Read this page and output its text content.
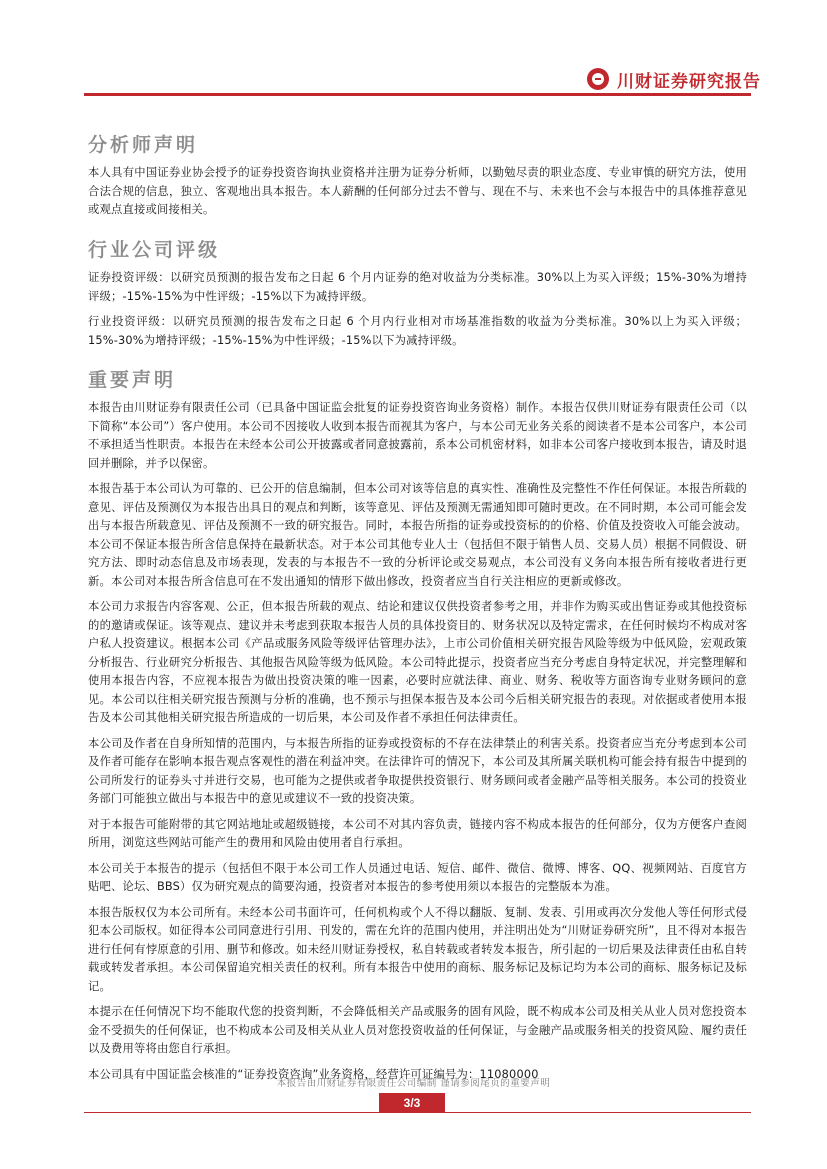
川财证券研究报告
分析师声明

本人具有中国证券业协会授予的证券投资咨询执业资格并注册为证券分析师，以勤勉尽责的职业态度、专业审慎的研究方法，使用合法合规的信息，独立、客观地出具本报告。本人薪酬的任何部分过去不曾与、现在不与、未来也不会与本报告中的具体推荐意见或观点直接或间接相关。

行业公司评级

证券投资评级：以研究员预测的报告发布之日起 6 个月内证券的绝对收益为分类标准。30%以上为买入评级；15%-30%为增持评级；-15%-15%为中性评级；-15%以下为减持评级。

行业投资评级：以研究员预测的报告发布之日起 6 个月内行业相对市场基准指数的收益为分类标准。30%以上为买入评级；15%-30%为增持评级；-15%-15%为中性评级；-15%以下为减持评级。

重要声明

本报告由川财证券有限责任公司（已具备中国证监会批复的证券投资咨询业务资格）制作。本报告仅供川财证券有限责任公司（以下简称“本公司”）客户使用。本公司不因接收人收到本报告而视其为客户，与本公司无业务关系的阅读者不是本公司客户，本公司不承担适当性职责。本报告在未经本公司公开披露或者同意披露前，系本公司机密材料，如非本公司客户接收到本报告，请及时退回并删除，并予以保密。

本报告基于本公司认为可靠的、已公开的信息编制，但本公司对该等信息的真实性、准确性及完整性不作任何保证。本报告所载的意见、评估及预测仅为本报告出具日的观点和判断，该等意见、评估及预测无需通知即可随时更改。在不同时期，本公司可能会发出与本报告所载意见、评估及预测不一致的研究报告。同时，本报告所指的证券或投资标的的价格、价值及投资收入可能会波动。本公司不保证本报告所含信息保持在最新状态。对于本公司其他专业人士（包括但不限于销售人员、交易人员）根据不同假设、研究方法、即时动态信息及市场表现，发表的与本报告不一致的分析评论或交易观点，本公司没有义务向本报告所有接收者进行更新。本公司对本报告所含信息可在不发出通知的情形下做出修改，投资者应当自行关注相应的更新或修改。

本公司力求报告内容客观、公正，但本报告所载的观点、结论和建议仅供投资者参考之用，并非作为购买或出售证券或其他投资标的的邀请或保证。该等观点、建议并未考虑到获取本报告人员的具体投资目的、财务状况以及特定需求，在任何时候均不构成对客户私人投资建议。根据本公司《产品或服务风险等级评估管理办法》，上市公司价值相关研究报告风险等级为中低风险，宏观政策分析报告、行业研究分析报告、其他报告风险等级为低风险。本公司特此提示，投资者应当充分考虑自身特定状况，并完整理解和使用本报告内容，不应视本报告为做出投资决策的唯一因素，必要时应就法律、商业、财务、税收等方面咨询专业财务顾问的意见。本公司以往相关研究报告预测与分析的准确，也不预示与担保本报告及本公司今后相关研究报告的表现。对依据或者使用本报告及本公司其他相关研究报告所造成的一切后果，本公司及作者不承担任何法律责任。

本公司及作者在自身所知情的范围内，与本报告所指的证券或投资标的不存在法律禁止的利害关系。投资者应当充分考虑到本公司及作者可能存在影响本报告观点客观性的潜在利益冲突。在法律许可的情况下，本公司及其所属关联机构可能会持有报告中提到的公司所发行的证券头寸并进行交易，也可能为之提供或者争取提供投资银行、财务顾问或者金融产品等相关服务。本公司的投资业务部门可能独立做出与本报告中的意见或建议不一致的投资决策。

对于本报告可能附带的其它网站地址或超级链接，本公司不对其内容负责，链接内容不构成本报告的任何部分，仅为方便客户查阅所用，浏览这些网站可能产生的费用和风险由使用者自行承担。

本公司关于本报告的提示（包括但不限于本公司工作人员通过电话、短信、邮件、微信、微博、博客、QQ、视频网站、百度官方贴吧、论坛、BBS）仅为研究观点的简要沟通，投资者对本报告的参考使用须以本报告的完整版本为准。

本报告版权仅为本公司所有。未经本公司书面许可，任何机构或个人不得以翻版、复制、发表、引用或再次分发他人等任何形式侵犯本公司版权。如征得本公司同意进行引用、刊发的，需在允许的范围内使用，并注明出处为“川财证券研究所”，且不得对本报告进行任何有悖原意的引用、删节和修改。如未经川财证券授权，私自转载或者转发本报告，所引起的一切后果及法律责任由私自转载或转发者承担。本公司保留追究相关责任的权利。所有本报告中使用的商标、服务标记及标记均为本公司的商标、服务标记及标记。

本提示在任何情况下均不能取代您的投资判断，不会降低相关产品或服务的固有风险，既不构成本公司及相关从业人员对您投资本金不受损失的任何保证，也不构成本公司及相关从业人员对您投资收益的任何保证，与金融产品或服务相关的投资风险、履约责任以及费用等将由您自行承担。

本公司具有中国证监会核准的“证券投资咨询”业务资格，经营许可证编号为：11080000

本报告由川财证券有限责任公司编制 谨请参阅尾页的重要声明
3/3
